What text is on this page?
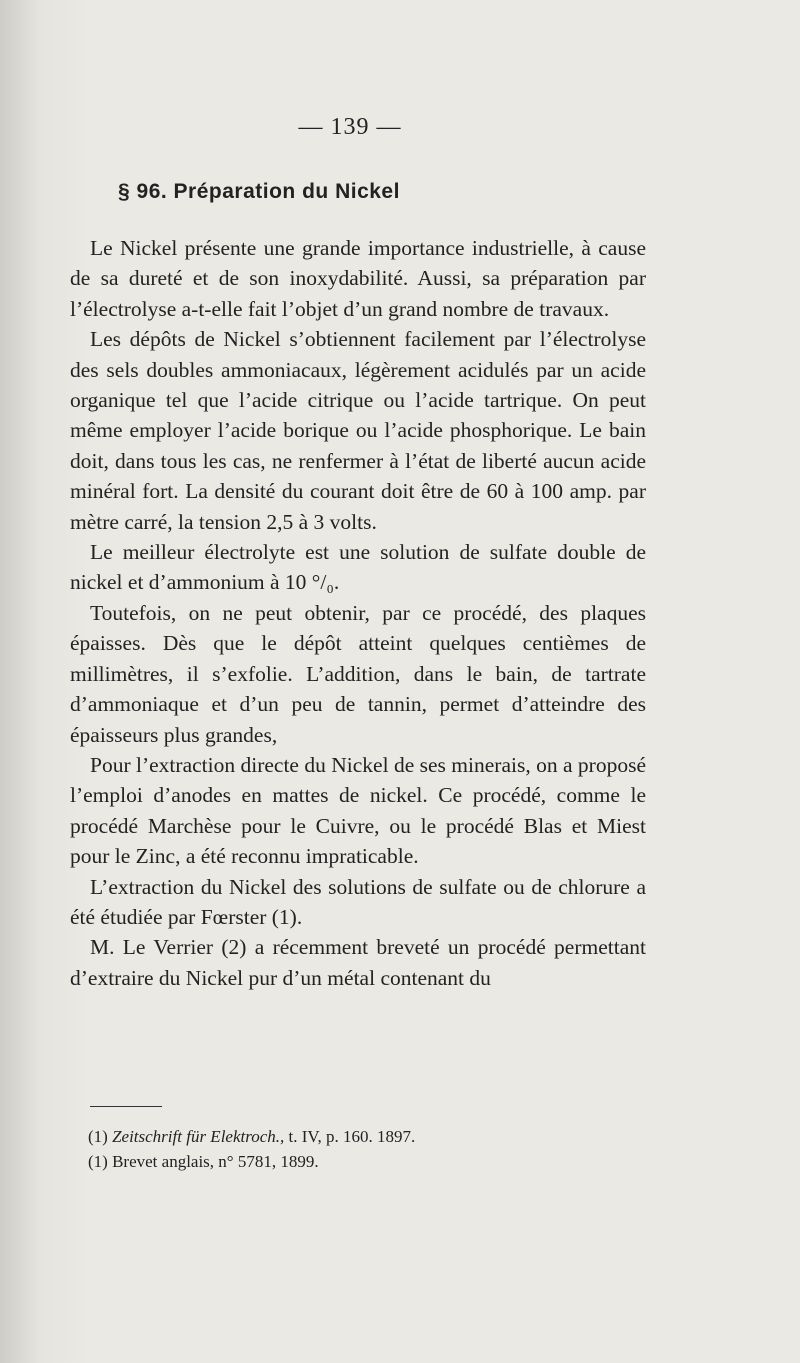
— 139 —
§ 96. Préparation du Nickel

Le Nickel présente une grande importance industrielle, à cause de sa dureté et de son inoxydabilité. Aussi, sa préparation par l’électrolyse a-t-elle fait l’objet d’un grand nombre de travaux.

Les dépôts de Nickel s’obtiennent facilement par l’électrolyse des sels doubles ammoniacaux, légèrement acidulés par un acide organique tel que l’acide citrique ou l’acide tartrique. On peut même employer l’acide borique ou l’acide phosphorique. Le bain doit, dans tous les cas, ne renfermer à l’état de liberté aucun acide minéral fort. La densité du courant doit être de 60 à 100 amp. par mètre carré, la tension 2,5 à 3 volts.

Le meilleur électrolyte est une solution de sulfate double de nickel et d’ammonium à 10 °/₀.

Toutefois, on ne peut obtenir, par ce procédé, des plaques épaisses. Dès que le dépôt atteint quelques centièmes de millimètres, il s’exfolie. L’addition, dans le bain, de tartrate d’ammoniaque et d’un peu de tannin, permet d’atteindre des épaisseurs plus grandes,

Pour l’extraction directe du Nickel de ses minerais, on a proposé l’emploi d’anodes en mattes de nickel. Ce procédé, comme le procédé Marchèse pour le Cuivre, ou le procédé Blas et Miest pour le Zinc, a été reconnu impraticable.

L’extraction du Nickel des solutions de sulfate ou de chlorure a été étudiée par Fœrster (1).

M. Le Verrier (2) a récemment breveté un procédé permettant d’extraire du Nickel pur d’un métal contenant du

(1) Zeitschrift für Elektroch., t. IV, p. 160. 1897.
(1) Brevet anglais, n° 5781, 1899.
